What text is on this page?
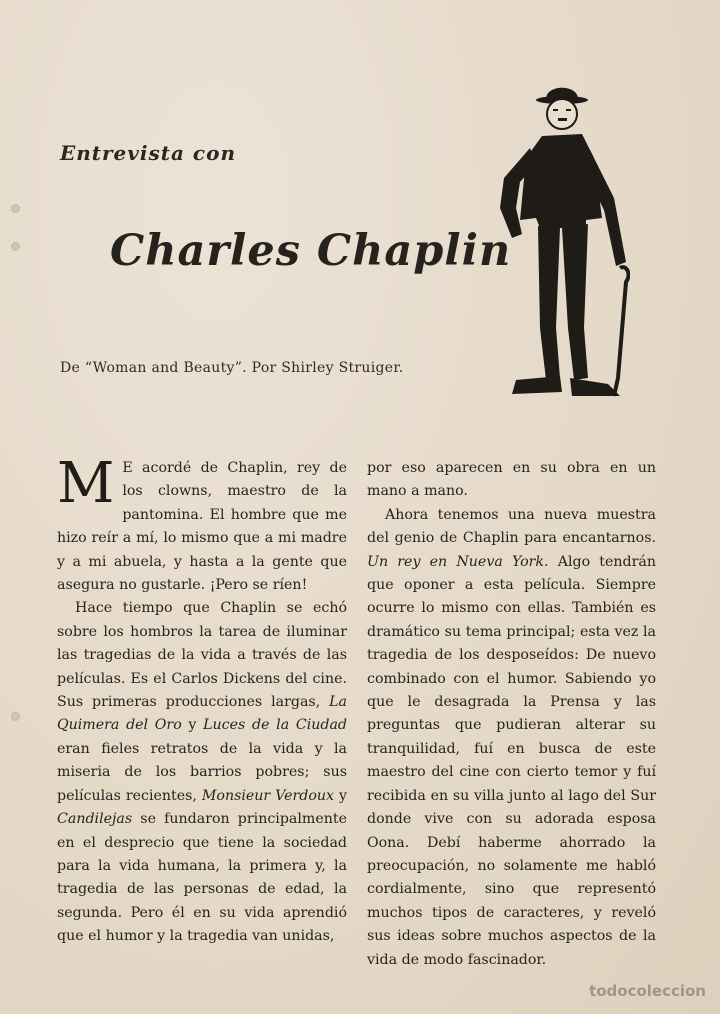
Entrevista con
Charles Chaplin
De “Woman and Beauty”. Por Shirley Struiger.

M E acordé de Chaplin, rey de los clowns, maestro de la pantomina. El hombre que me hizo reír a mí, lo mismo que a mi madre y a mi abuela, y hasta a la gente que asegura no gustarle. ¡Pero se ríen!

Hace tiempo que Chaplin se echó sobre los hombros la tarea de iluminar las tragedias de la vida a través de las películas. Es el Carlos Dickens del cine. Sus primeras producciones largas, La Quimera del Oro y Luces de la Ciudad eran fieles retratos de la vida y la miseria de los barrios pobres; sus películas recientes, Monsieur Verdoux y Candilejas se fundaron principalmente en el desprecio que tiene la sociedad para la vida humana, la primera y, la tragedia de las personas de edad, la segunda. Pero él en su vida aprendió que el humor y la tragedia van unidas,

por eso aparecen en su obra en un mano a mano.

Ahora tenemos una nueva muestra del genio de Chaplin para encantarnos. Un rey en Nueva York. Algo tendrán que oponer a esta película. Siempre ocurre lo mismo con ellas. También es dramático su tema principal; esta vez la tragedia de los desposeídos: De nuevo combinado con el humor. Sabiendo yo que le desagrada la Prensa y las preguntas que pudieran alterar su tranquilidad, fuí en busca de este maestro del cine con cierto temor y fuí recibida en su villa junto al lago del Sur donde vive con su adorada esposa Oona. Debí haberme ahorrado la preocupación, no solamente me habló cordialmente, sino que representó muchos tipos de caracteres, y reveló sus ideas sobre muchos aspectos de la vida de modo fascinador.

todocoleccion
